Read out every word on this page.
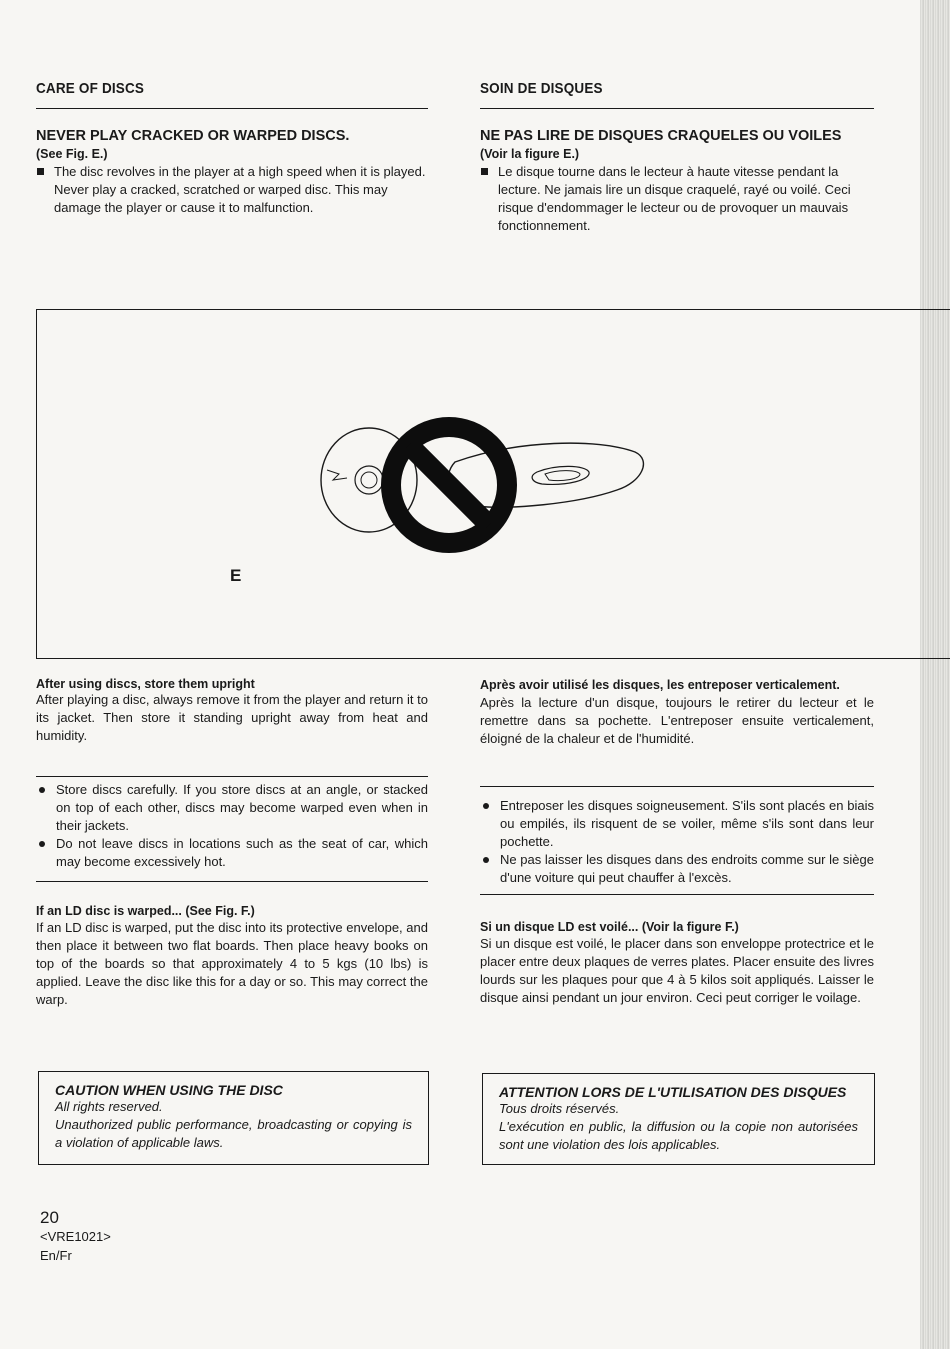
CARE OF DISCS
NEVER PLAY CRACKED OR WARPED DISCS.
(See Fig. E.)
The disc revolves in the player at a high speed when it is played. Never play a cracked, scratched or warped disc. This may damage the player or cause it to malfunction.
SOIN DE DISQUES
NE PAS LIRE DE DISQUES CRAQUELES OU VOILES
(Voir la figure E.)
Le disque tourne dans le lecteur à haute vitesse pendant la lecture. Ne jamais lire un disque craquelé, rayé ou voilé. Ceci risque d'endommager le lecteur ou de provoquer un mauvais fonctionnement.
E
After using discs, store them upright
After playing a disc, always remove it from the player and return it to its jacket. Then store it standing upright away from heat and humidity.
Store discs carefully. If you store discs at an angle, or stacked on top of each other, discs may become warped even when in their jackets.
Do not leave discs in locations such as the seat of car, which may become excessively hot.
If an LD disc is warped... (See Fig. F.)
If an LD disc is warped, put the disc into its protective envelope, and then place it between two flat boards. Then place heavy books on top of the boards so that approximately 4 to 5 kgs (10 lbs) is applied. Leave the disc like this for a day or so. This may correct the warp.
CAUTION WHEN USING THE DISC
All rights reserved.
Unauthorized public performance, broadcasting or copying is a violation of applicable laws.
Après avoir utilisé les disques, les entreposer verticalement.
Après la lecture d'un disque, toujours le retirer du lecteur et le remettre dans sa pochette. L'entreposer ensuite verticalement, éloigné de la chaleur et de l'humidité.
Entreposer les disques soigneusement. S'ils sont placés en biais ou empilés, ils risquent de se voiler, même s'ils sont dans leur pochette.
Ne pas laisser les disques dans des endroits comme sur le siège d'une voiture qui peut chauffer à l'excès.
Si un disque LD est voilé... (Voir la figure F.)
Si un disque est voilé, le placer dans son enveloppe protectrice et le placer entre deux plaques de verres plates. Placer ensuite des livres lourds sur les plaques pour que 4 à 5 kilos soit appliqués. Laisser le disque ainsi pendant un jour environ. Ceci peut corriger le voilage.
ATTENTION LORS DE L'UTILISATION DES DISQUES
Tous droits réservés.
L'exécution en public, la diffusion ou la copie non autorisées sont une violation des lois applicables.
20
<VRE1021>
En/Fr
